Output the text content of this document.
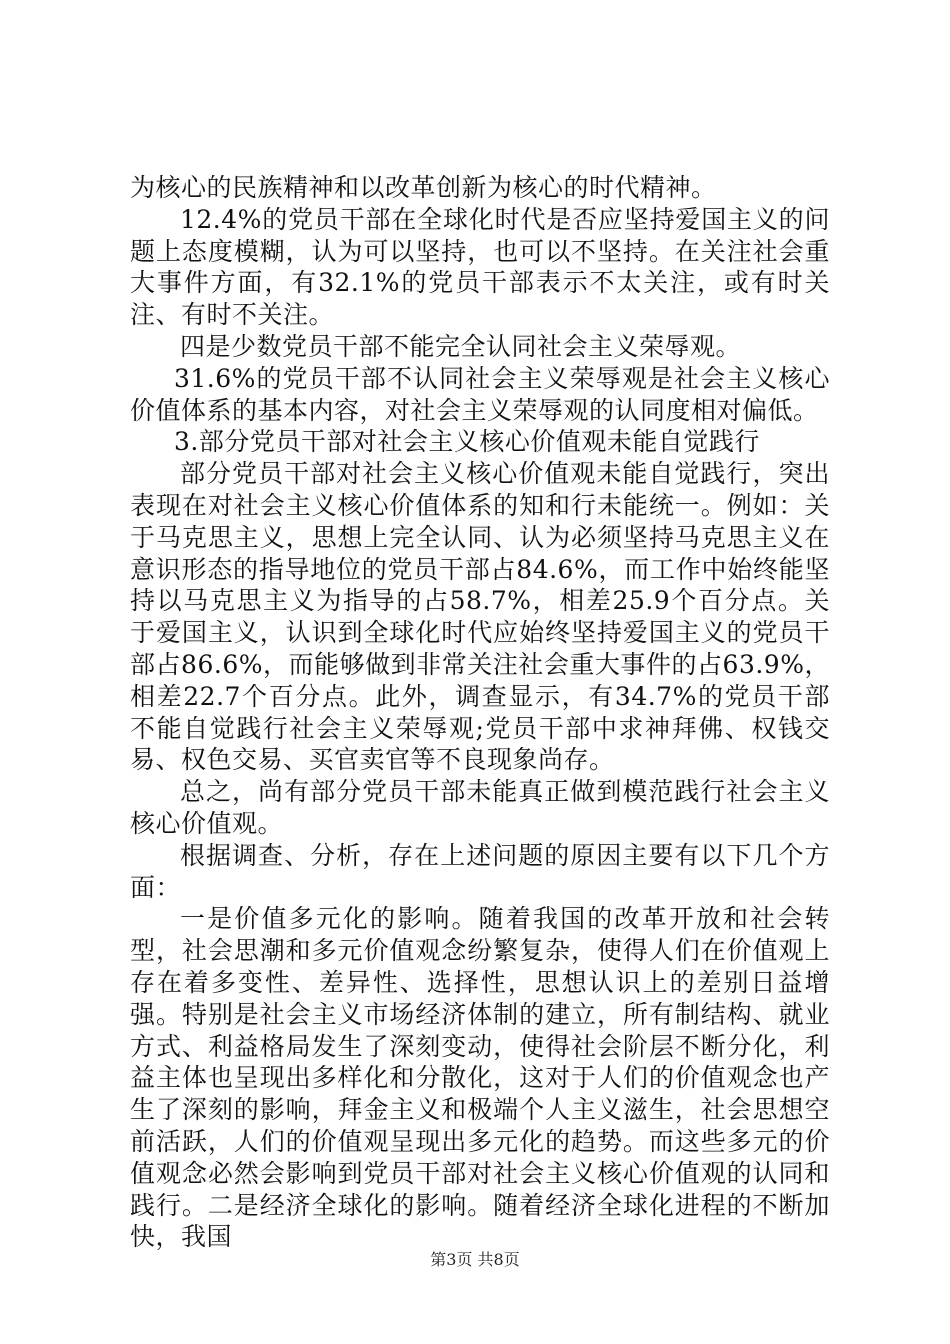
为核心的民族精神和以改革创新为核心的时代精神。

12.4%的党员干部在全球化时代是否应坚持爱国主义的问题上态度模糊，认为可以坚持，也可以不坚持。在关注社会重大事件方面，有32.1%的党员干部表示不太关注，或有时关注、有时不关注。

四是少数党员干部不能完全认同社会主义荣辱观。

31.6%的党员干部不认同社会主义荣辱观是社会主义核心价值体系的基本内容，对社会主义荣辱观的认同度相对偏低。

3.部分党员干部对社会主义核心价值观未能自觉践行

部分党员干部对社会主义核心价值观未能自觉践行，突出表现在对社会主义核心价值体系的知和行未能统一。例如：关于马克思主义，思想上完全认同、认为必须坚持马克思主义在意识形态的指导地位的党员干部占84.6%，而工作中始终能坚持以马克思主义为指导的占58.7%，相差25.9个百分点。关于爱国主义，认识到全球化时代应始终坚持爱国主义的党员干部占86.6%，而能够做到非常关注社会重大事件的占63.9%，相差22.7个百分点。此外，调查显示，有34.7%的党员干部不能自觉践行社会主义荣辱观;党员干部中求神拜佛、权钱交易、权色交易、买官卖官等不良现象尚存。

总之，尚有部分党员干部未能真正做到模范践行社会主义核心价值观。

根据调查、分析，存在上述问题的原因主要有以下几个方面：

一是价值多元化的影响。随着我国的改革开放和社会转型，社会思潮和多元价值观念纷繁复杂，使得人们在价值观上存在着多变性、差异性、选择性，思想认识上的差别日益增强。特别是社会主义市场经济体制的建立，所有制结构、就业方式、利益格局发生了深刻变动，使得社会阶层不断分化，利益主体也呈现出多样化和分散化，这对于人们的价值观念也产生了深刻的影响，拜金主义和极端个人主义滋生，社会思想空前活跃，人们的价值观呈现出多元化的趋势。而这些多元的价值观念必然会影响到党员干部对社会主义核心价值观的认同和践行。二是经济全球化的影响。随着经济全球化进程的不断加快，我国

第3页 共8页
